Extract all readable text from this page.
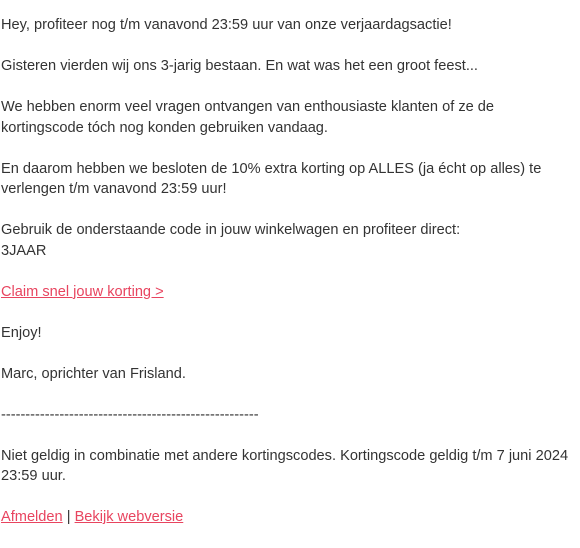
Hey, profiteer nog t/m vanavond 23:59 uur van onze verjaardagsactie!

Gisteren vierden wij ons 3-jarig bestaan. En wat was het een groot feest...

We hebben enorm veel vragen ontvangen van enthousiaste klanten of ze de kortingscode tóch nog konden gebruiken vandaag.

En daarom hebben we besloten de 10% extra korting op ALLES (ja écht op alles) te verlengen t/m vanavond 23:59 uur!

Gebruik de onderstaande code in jouw winkelwagen en profiteer direct:
3JAAR

Claim snel jouw korting >

Enjoy!

Marc, oprichter van Frisland.

-----------------------------------------------------

Niet geldig in combinatie met andere kortingscodes. Kortingscode geldig t/m 7 juni 2024 23:59 uur.

Afmelden | Bekijk webversie
